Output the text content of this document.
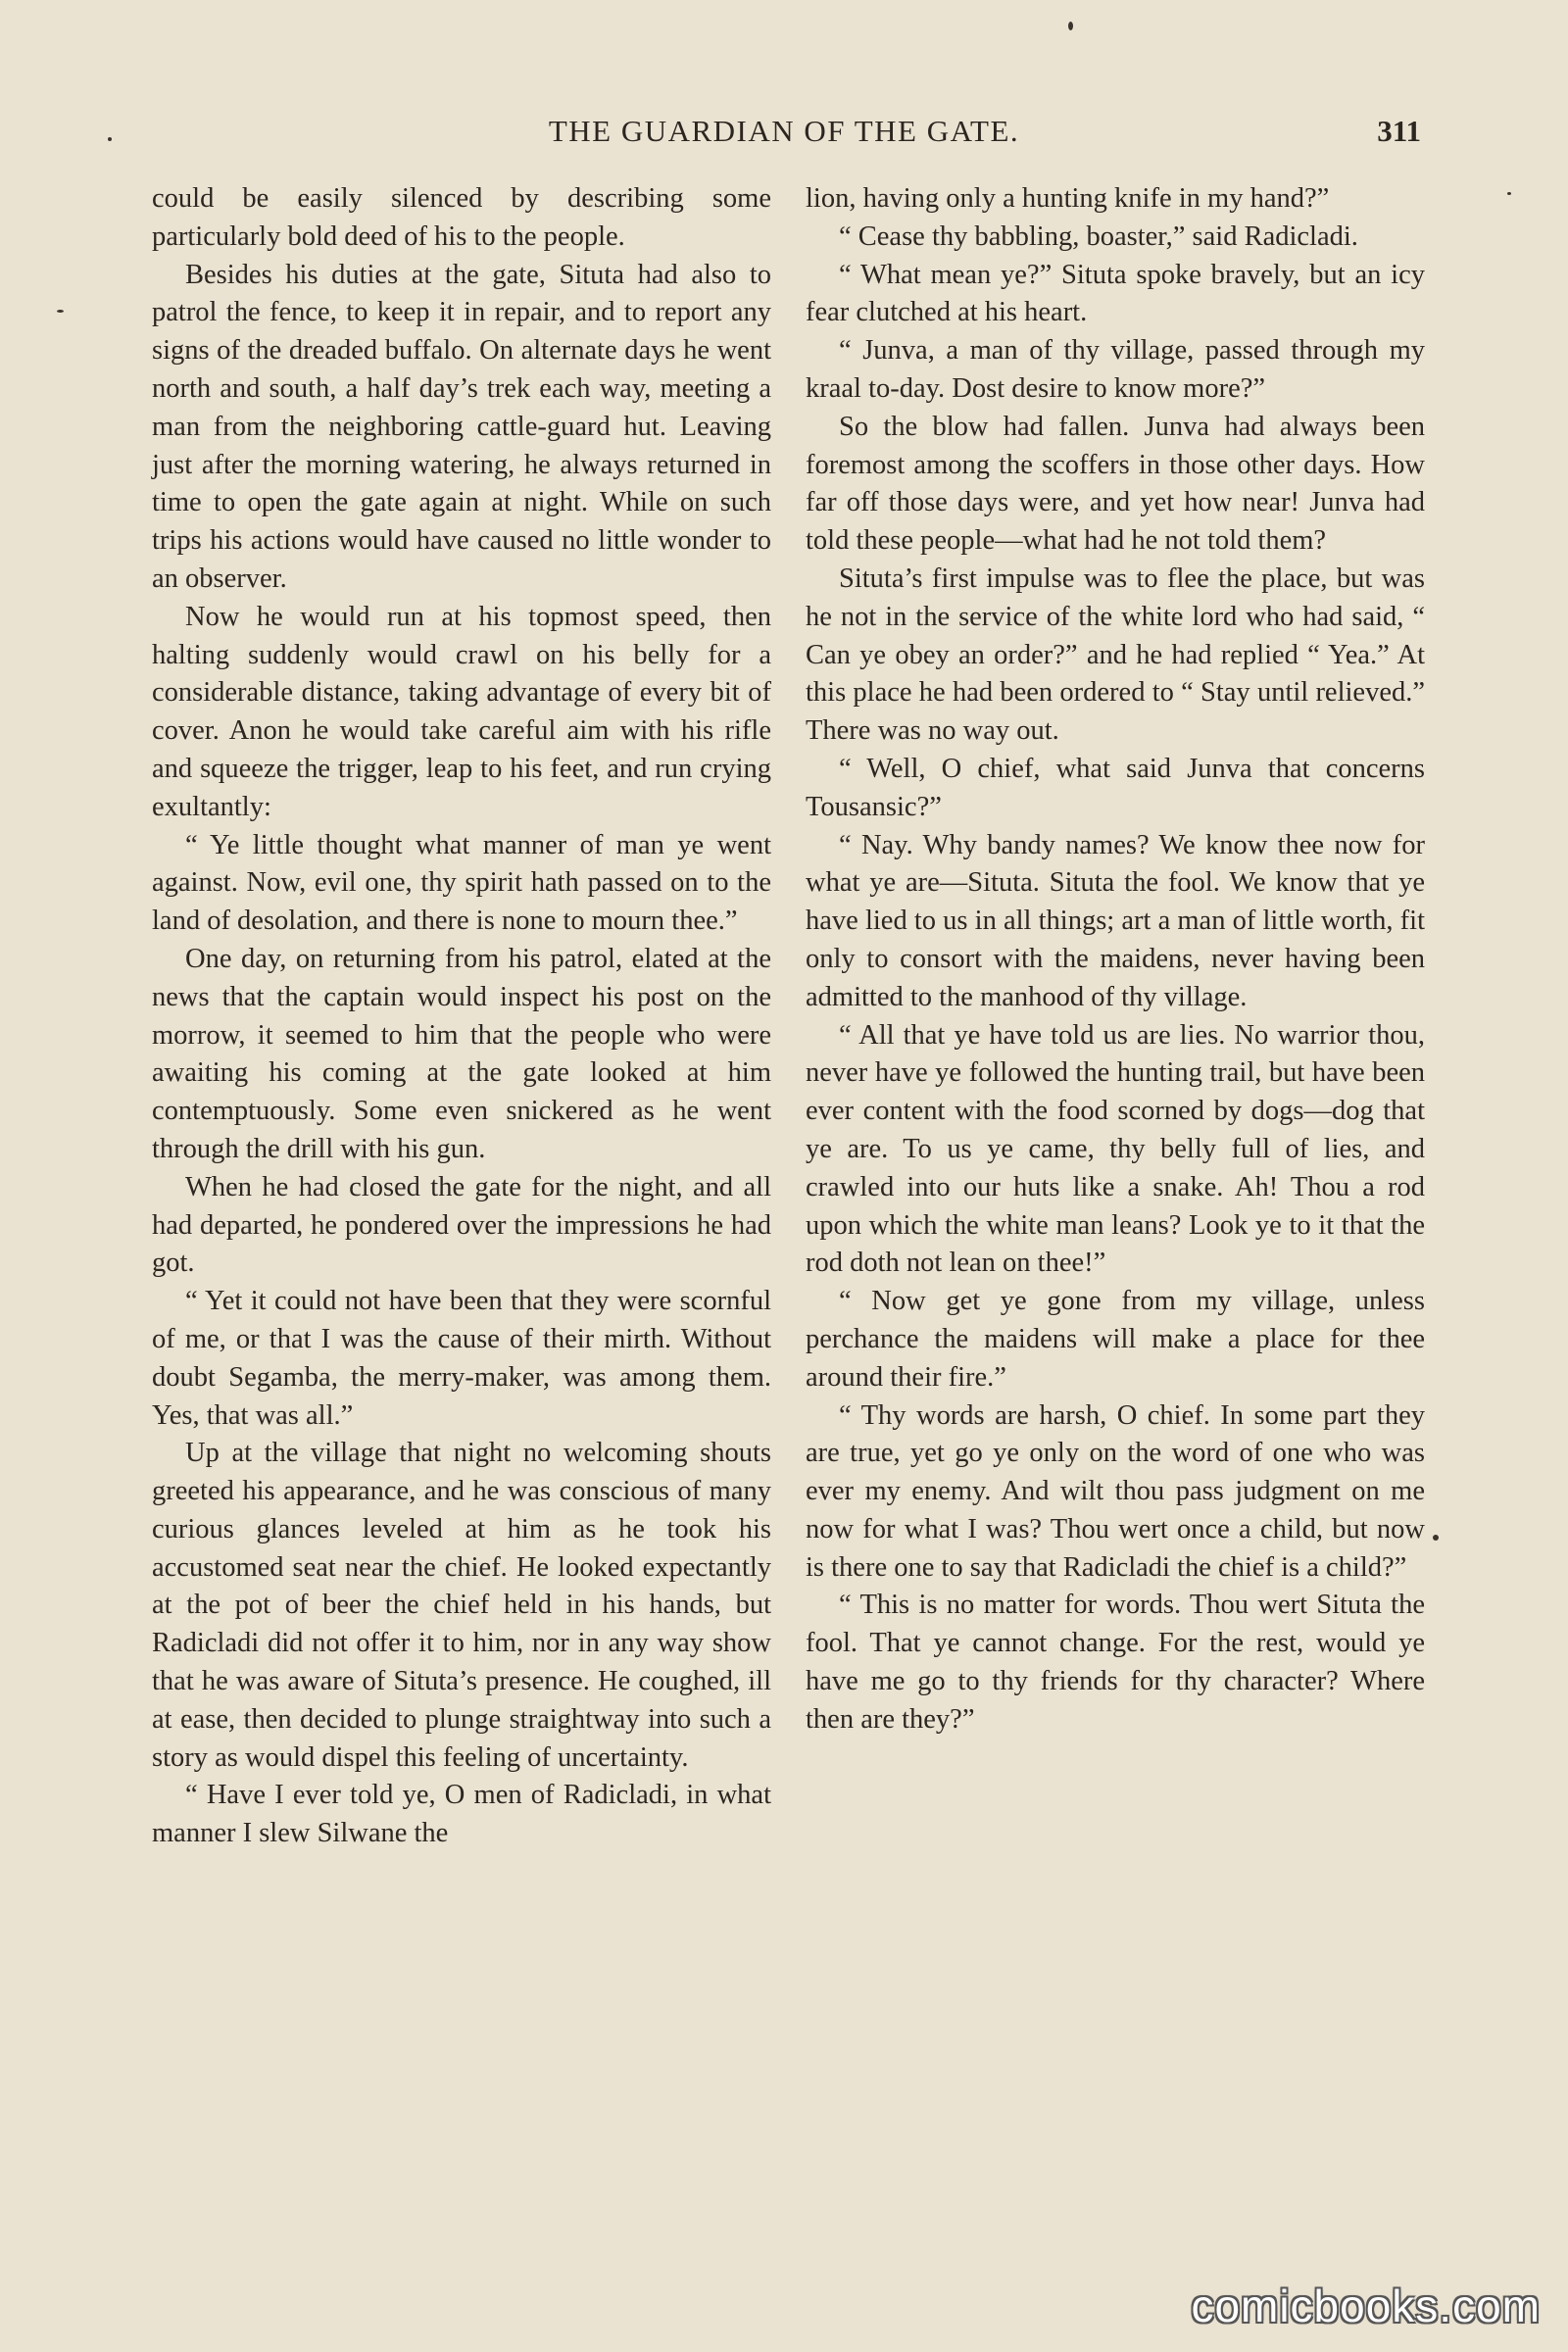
THE GUARDIAN OF THE GATE.	311

could be easily silenced by describing some particularly bold deed of his to the people.

Besides his duties at the gate, Situta had also to patrol the fence, to keep it in repair, and to report any signs of the dreaded buffalo. On alternate days he went north and south, a half day’s trek each way, meeting a man from the neighboring cattle-guard hut. Leaving just after the morning watering, he always returned in time to open the gate again at night. While on such trips his actions would have caused no little wonder to an observer.

Now he would run at his topmost speed, then halting suddenly would crawl on his belly for a considerable distance, taking advantage of every bit of cover. Anon he would take careful aim with his rifle and squeeze the trigger, leap to his feet, and run crying exultantly:

“ Ye little thought what manner of man ye went against. Now, evil one, thy spirit hath passed on to the land of desolation, and there is none to mourn thee.”

One day, on returning from his patrol, elated at the news that the captain would inspect his post on the morrow, it seemed to him that the people who were awaiting his coming at the gate looked at him contemptuously. Some even snickered as he went through the drill with his gun.

When he had closed the gate for the night, and all had departed, he pondered over the impressions he had got.

“ Yet it could not have been that they were scornful of me, or that I was the cause of their mirth. Without doubt Segamba, the merry-maker, was among them. Yes, that was all.”

Up at the village that night no welcoming shouts greeted his appearance, and he was conscious of many curious glances leveled at him as he took his accustomed seat near the chief. He looked expectantly at the pot of beer the chief held in his hands, but Radicladi did not offer it to him, nor in any way show that he was aware of Situta’s presence. He coughed, ill at ease, then decided to plunge straightway into such a story as would dispel this feeling of uncertainty.

“ Have I ever told ye, O men of Radicladi, in what manner I slew Silwane the

lion, having only a hunting knife in my hand?”

“ Cease thy babbling, boaster,” said Radicladi.

“ What mean ye?” Situta spoke bravely, but an icy fear clutched at his heart.

“ Junva, a man of thy village, passed through my kraal to-day. Dost desire to know more?”

So the blow had fallen. Junva had always been foremost among the scoffers in those other days. How far off those days were, and yet how near! Junva had told these people—what had he not told them?

Situta’s first impulse was to flee the place, but was he not in the service of the white lord who had said, “ Can ye obey an order?” and he had replied “ Yea.” At this place he had been ordered to “ Stay until relieved.” There was no way out.

“ Well, O chief, what said Junva that concerns Tousansic?”

“ Nay. Why bandy names? We know thee now for what ye are—Situta. Situta the fool. We know that ye have lied to us in all things; art a man of little worth, fit only to consort with the maidens, never having been admitted to the manhood of thy village.

“ All that ye have told us are lies. No warrior thou, never have ye followed the hunting trail, but have been ever content with the food scorned by dogs—dog that ye are. To us ye came, thy belly full of lies, and crawled into our huts like a snake. Ah! Thou a rod upon which the white man leans? Look ye to it that the rod doth not lean on thee!”

“ Now get ye gone from my village, unless perchance the maidens will make a place for thee around their fire.”

“ Thy words are harsh, O chief. In some part they are true, yet go ye only on the word of one who was ever my enemy. And wilt thou pass judgment on me now for what I was? Thou wert once a child, but now is there one to say that Radicladi the chief is a child?”

“ This is no matter for words. Thou wert Situta the fool. That ye cannot change. For the rest, would ye have me go to thy friends for thy character? Where then are they?”

comicbooks.com
